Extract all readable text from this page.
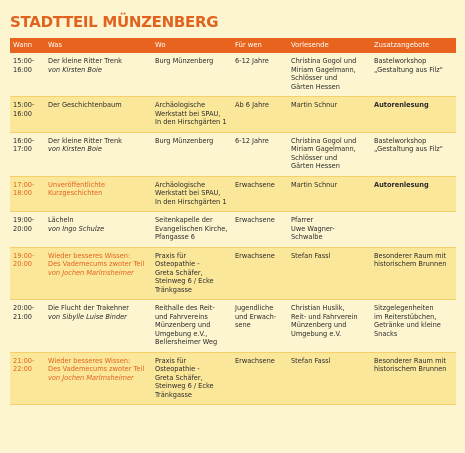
STADTTEIL MÜNZENBERG
Wann	Was	Wo	Für wen	Vorlesende	Zusatzangebote

15:00-
16:00	Der kleine Ritter Trenk
von Kirsten Boie	Burg Münzenberg	6-12 Jahre	Christina Gogol und
Miriam Gagelmann,
Schlösser und
Gärten Hessen	Bastelworkshop
„Gestaltung aus Filz“

15:00-
16:00	Der Geschichtenbaum	Archäologische
Werkstatt bei SPAU,
In den Hirschgärten 1	Ab 6 Jahre	Martin Schnur	Autorenlesung

16:00-
17:00	Der kleine Ritter Trenk
von Kirsten Boie	Burg Münzenberg	6-12 Jahre	Christina Gogol und
Miriam Gagelmann,
Schlösser und
Gärten Hessen	Bastelworkshop
„Gestaltung aus Filz“

17:00-
18:00	Unveröffentlichte Kurzgeschichten	Archäologische
Werkstatt bei SPAU,
In den Hirschgärten 1	Erwachsene	Martin Schnur	Autorenlesung

19:00-
20:00	Lächeln
von Ingo Schulze	Seitenkapelle der
Evangelischen Kirche,
Pfangasse 6	Erwachsene	Pfarrer
Uwe Wagner-
Schwalbe	

19:00-
20:00	Wieder besseres Wissen:
Des Vademecums zwoter Teil
von Jochen Marlmsheimer	Praxis für
Osteopathie -
Greta Schäfer,
Steinweg 6 / Ecke
Tränkgasse	Erwachsene	Stefan Fassl	Besonderer Raum mit
historischem Brunnen

20:00-
21:00	Die Flucht der Trakehner
von Sibylle Luise Binder	Reithalle des Reit-
und Fahrvereins
Münzenberg und
Umgebung e.V.,
Bellersheimer Weg	Jugendliche
und Erwach-
sene	Christian Huslik,
Reit- und Fahrverein
Münzenberg und
Umgebung e.V.	Sitzgelegenheiten
im Reiterstübchen,
Getränke und kleine
Snacks

21:00-
22:00	Wieder besseres Wissen:
Des Vademecums zwoter Teil
von Jochen Marlmsheimer	Praxis für
Osteopathie -
Greta Schäfer,
Steinweg 6 / Ecke
Tränkgasse	Erwachsene	Stefan Fassl	Besonderer Raum mit
historischem Brunnen
